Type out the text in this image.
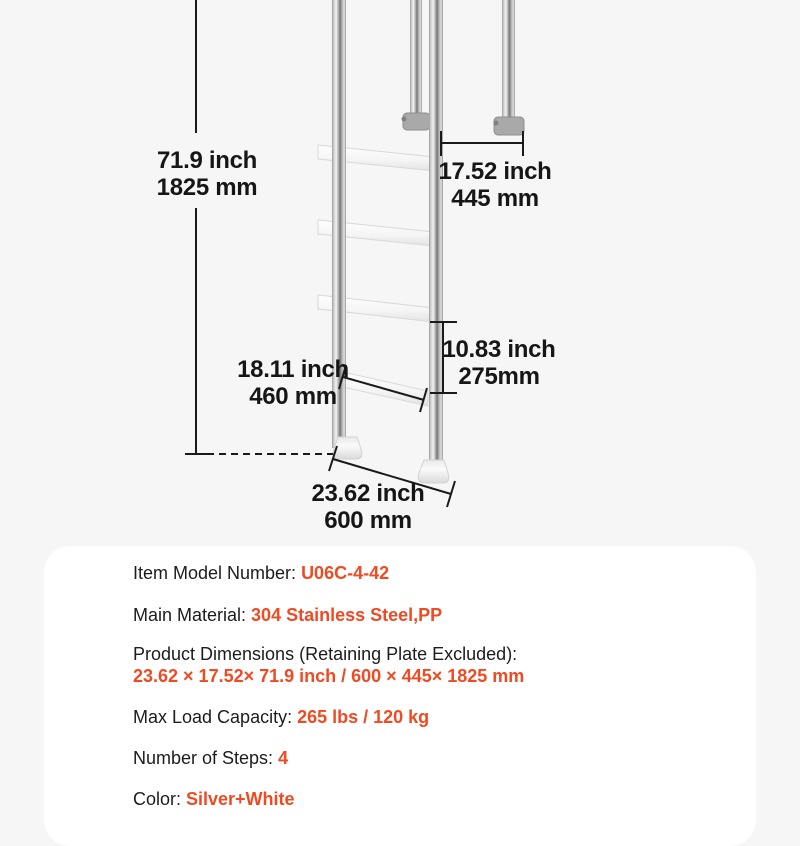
71.9 inch
1825 mm
17.52 inch
445 mm
10.83 inch
275mm
18.11 inch
460 mm
23.62 inch
600 mm
Item Model Number: U06C-4-42
Main Material: 304 Stainless Steel,PP
Product Dimensions (Retaining Plate Excluded):
23.62 × 17.52× 71.9 inch / 600 × 445× 1825 mm
Max Load Capacity: 265 lbs / 120 kg
Number of Steps: 4
Color: Silver+White
